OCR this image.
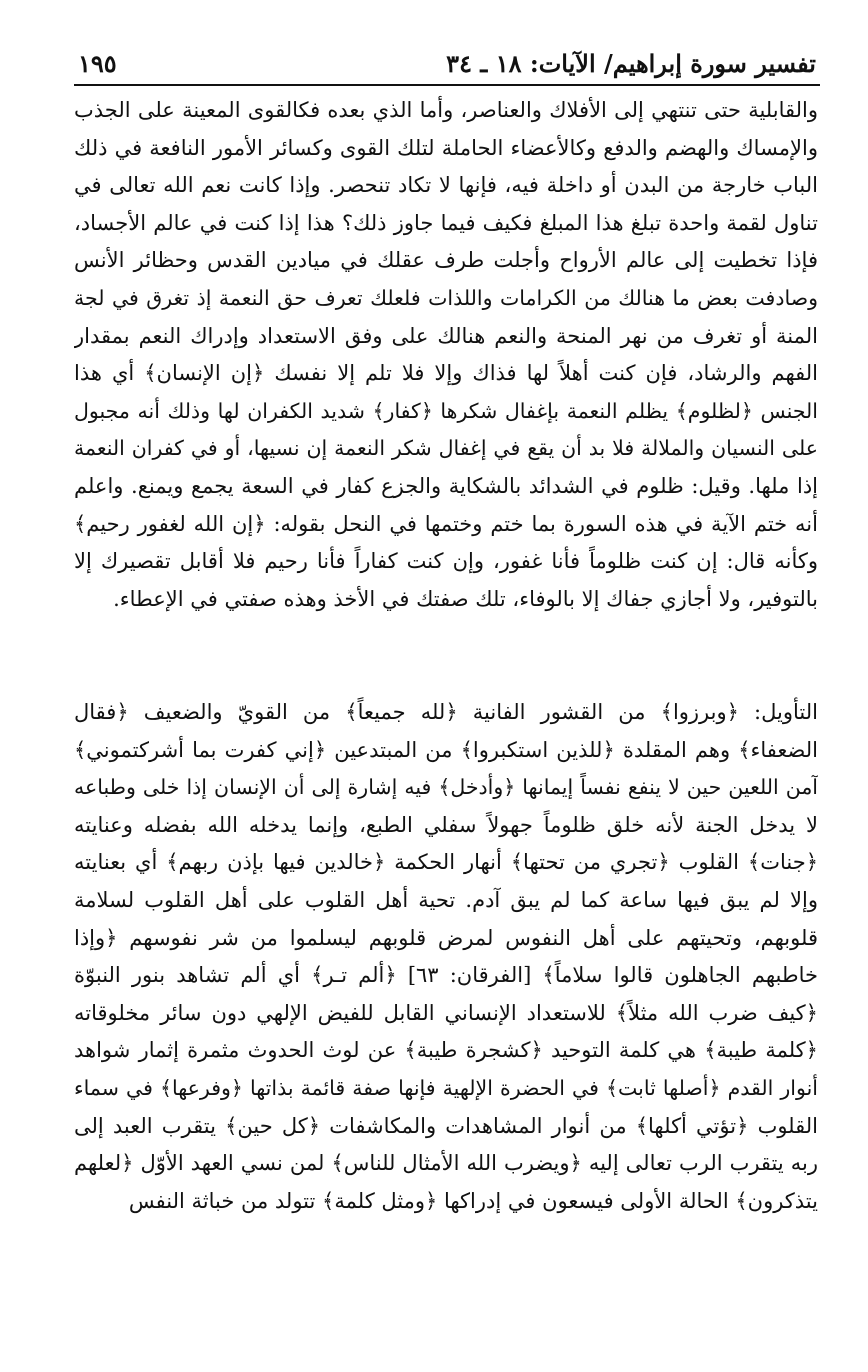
تفسير سورة إبراهيم/ الآيات: ١٨ ـ ٣٤
١٩٥
والقابلية حتى تنتهي إلى الأفلاك والعناصر، وأما الذي بعده فكالقوى المعينة على الجذب
والإمساك والهضم والدفع وكالأعضاء الحاملة لتلك القوى وكسائر الأمور النافعة في ذلك
الباب خارجة من البدن أو داخلة فيه، فإنها لا تكاد تنحصر. وإذا كانت نعم الله تعالى في
تناول لقمة واحدة تبلغ هذا المبلغ فكيف فيما جاوز ذلك؟ هذا إذا كنت في عالم الأجساد،
فإذا تخطيت إلى عالم الأرواح وأجلت طرف عقلك في ميادين القدس وحظائر الأنس
وصادفت بعض ما هنالك من الكرامات واللذات فلعلك تعرف حق النعمة إذ تغرق في لجة
المنة أو تغرف من نهر المنحة والنعم هنالك على وفق الاستعداد وإدراك النعم بمقدار
الفهم والرشاد، فإن كنت أهلاً لها فذاك وإلا فلا تلم إلا نفسك ﴿إن الإنسان﴾ أي هذا
الجنس ﴿لظلوم﴾ يظلم النعمة بإغفال شكرها ﴿كفار﴾ شديد الكفران لها وذلك أنه مجبول
على النسيان والملالة فلا بد أن يقع في إغفال شكر النعمة إن نسيها، أو في كفران النعمة
إذا ملها. وقيل: ظلوم في الشدائد بالشكاية والجزع كفار في السعة يجمع ويمنع. واعلم
أنه ختم الآية في هذه السورة بما ختم وختمها في النحل بقوله: ﴿إن الله لغفور رحيم﴾
وكأنه قال: إن كنت ظلوماً فأنا غفور، وإن كنت كفاراً فأنا رحيم فلا أقابل تقصيرك إلا
بالتوفير، ولا أجازي جفاك إلا بالوفاء، تلك صفتك في الأخذ وهذه صفتي في الإعطاء.
التأويل: ﴿وبرزوا﴾ من القشور الفانية ﴿لله جميعاً﴾ من القويّ والضعيف ﴿فقال
الضعفاء﴾ وهم المقلدة ﴿للذين استكبروا﴾ من المبتدعين ﴿إني كفرت بما أشركتموني﴾
آمن اللعين حين لا ينفع نفساً إيمانها ﴿وأدخل﴾ فيه إشارة إلى أن الإنسان إذا خلى وطباعه
لا يدخل الجنة لأنه خلق ظلوماً جهولاً سفلي الطبع، وإنما يدخله الله بفضله وعنايته
﴿جنات﴾ القلوب ﴿تجري من تحتها﴾ أنهار الحكمة ﴿خالدين فيها بإذن ربهم﴾ أي بعنايته
وإلا لم يبق فيها ساعة كما لم يبق آدم. تحية أهل القلوب على أهل القلوب لسلامة
قلوبهم، وتحيتهم على أهل النفوس لمرض قلوبهم ليسلموا من شر نفوسهم ﴿وإذا
خاطبهم الجاهلون قالوا سلاماً﴾ [الفرقان: ٦٣] ﴿ألم تـر﴾ أي ألم تشاهد بنور النبوّة
﴿كيف ضرب الله مثلاً﴾ للاستعداد الإنساني القابل للفيض الإلهي دون سائر مخلوقاته
﴿كلمة طيبة﴾ هي كلمة التوحيد ﴿كشجرة طيبة﴾ عن لوث الحدوث مثمرة إثمار شواهد
أنوار القدم ﴿أصلها ثابت﴾ في الحضرة الإلهية فإنها صفة قائمة بذاتها ﴿وفرعها﴾ في سماء
القلوب ﴿تؤتي أكلها﴾ من أنوار المشاهدات والمكاشفات ﴿كل حين﴾ يتقرب العبد إلى
ربه يتقرب الرب تعالى إليه ﴿ويضرب الله الأمثال للناس﴾ لمن نسي العهد الأوّل ﴿لعلهم
يتذكرون﴾ الحالة الأولى فيسعون في إدراكها ﴿ومثل كلمة﴾ تتولد من خباثة النفس
